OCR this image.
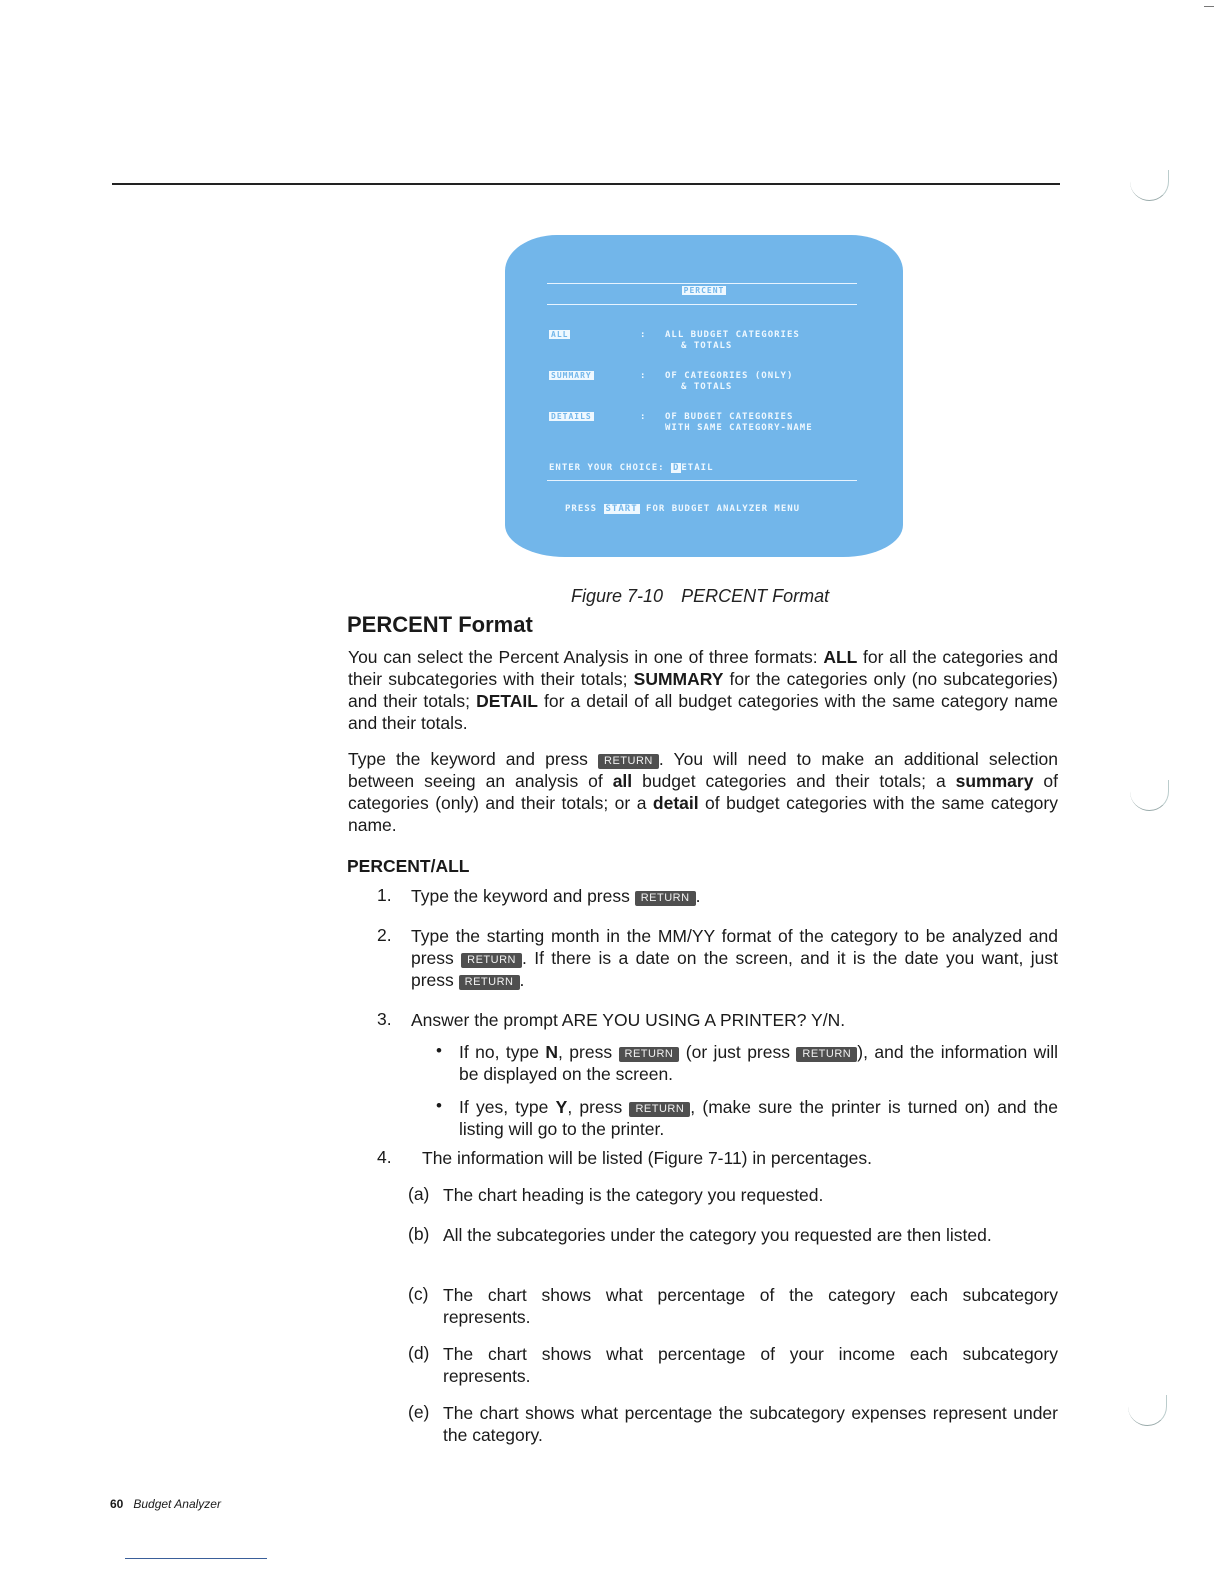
PERCENT
ALL	: ALL BUDGET CATEGORIES
& TOTALS
SUMMARY	: OF CATEGORIES (ONLY)
& TOTALS
DETAILS	: OF BUDGET CATEGORIES
WITH SAME CATEGORY-NAME
ENTER YOUR CHOICE: D ETAIL
PRESS START FOR BUDGET ANALYZER MENU
Figure 7-10 PERCENT Format
PERCENT Format

You can select the Percent Analysis in one of three formats: ALL for all the categories and their subcategories with their totals; SUMMARY for the categories only (no subcategories) and their totals; DETAIL for a detail of all budget categories with the same category name and their totals.

Type the keyword and press RETURN . You will need to make an additional selection between seeing an analysis of all budget categories and their totals; a summary of categories (only) and their totals; or a detail of budget categories with the same category name.

PERCENT/ALL
1. Type the keyword and press RETURN .

2. Type the starting month in the MM/YY format of the category to be analyzed and press RETURN . If there is a date on the screen, and it is the date you want, just press RETURN .

3. Answer the prompt ARE YOU USING A PRINTER? Y/N.

• If no, type N, press RETURN (or just press RETURN ), and the information will be displayed on the screen.

• If yes, type Y, press RETURN , (make sure the printer is turned on) and the listing will go to the printer.

4. The information will be listed (Figure 7-11) in percentages.

(a) The chart heading is the category you requested.

(b) All the subcategories under the category you requested are then listed.

(c) The chart shows what percentage of the category each subcategory represents.

(d) The chart shows what percentage of your income each subcategory represents.

(e) The chart shows what percentage the subcategory expenses represent under the category.

60 Budget Analyzer
